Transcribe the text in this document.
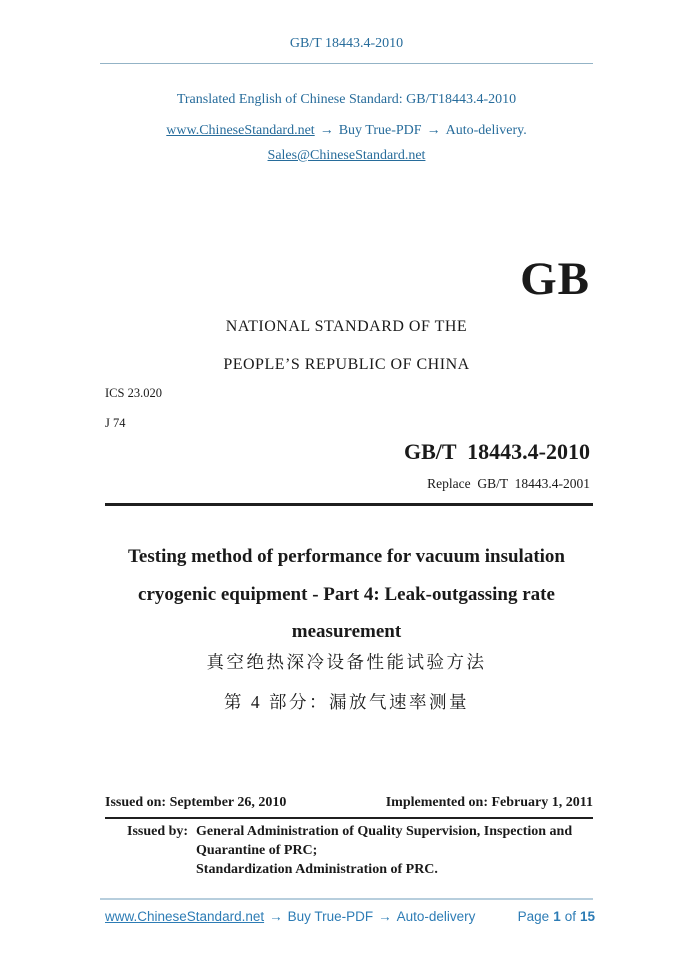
GB/T 18443.4-2010
Translated English of Chinese Standard: GB/T18443.4-2010
www.ChineseStandard.net → Buy True-PDF → Auto-delivery.
Sales@ChineseStandard.net
GB
NATIONAL STANDARD OF THE
PEOPLE’S REPUBLIC OF CHINA
ICS 23.020
J 74
GB/T  18443.4-2010
Replace  GB/T  18443.4-2001
Testing method of performance for vacuum insulation
cryogenic equipment - Part 4: Leak-outgassing rate
measurement
真空绝热深冷设备性能试验方法
第 4 部分：漏放气速率测量
Issued on: September 26, 2010	Implemented on: February 1, 2011
Issued by: General Administration of Quality Supervision, Inspection and
Quarantine of PRC;
Standardization Administration of PRC.
www.ChineseStandard.net → Buy True-PDF → Auto-delivery	Page 1 of 15
